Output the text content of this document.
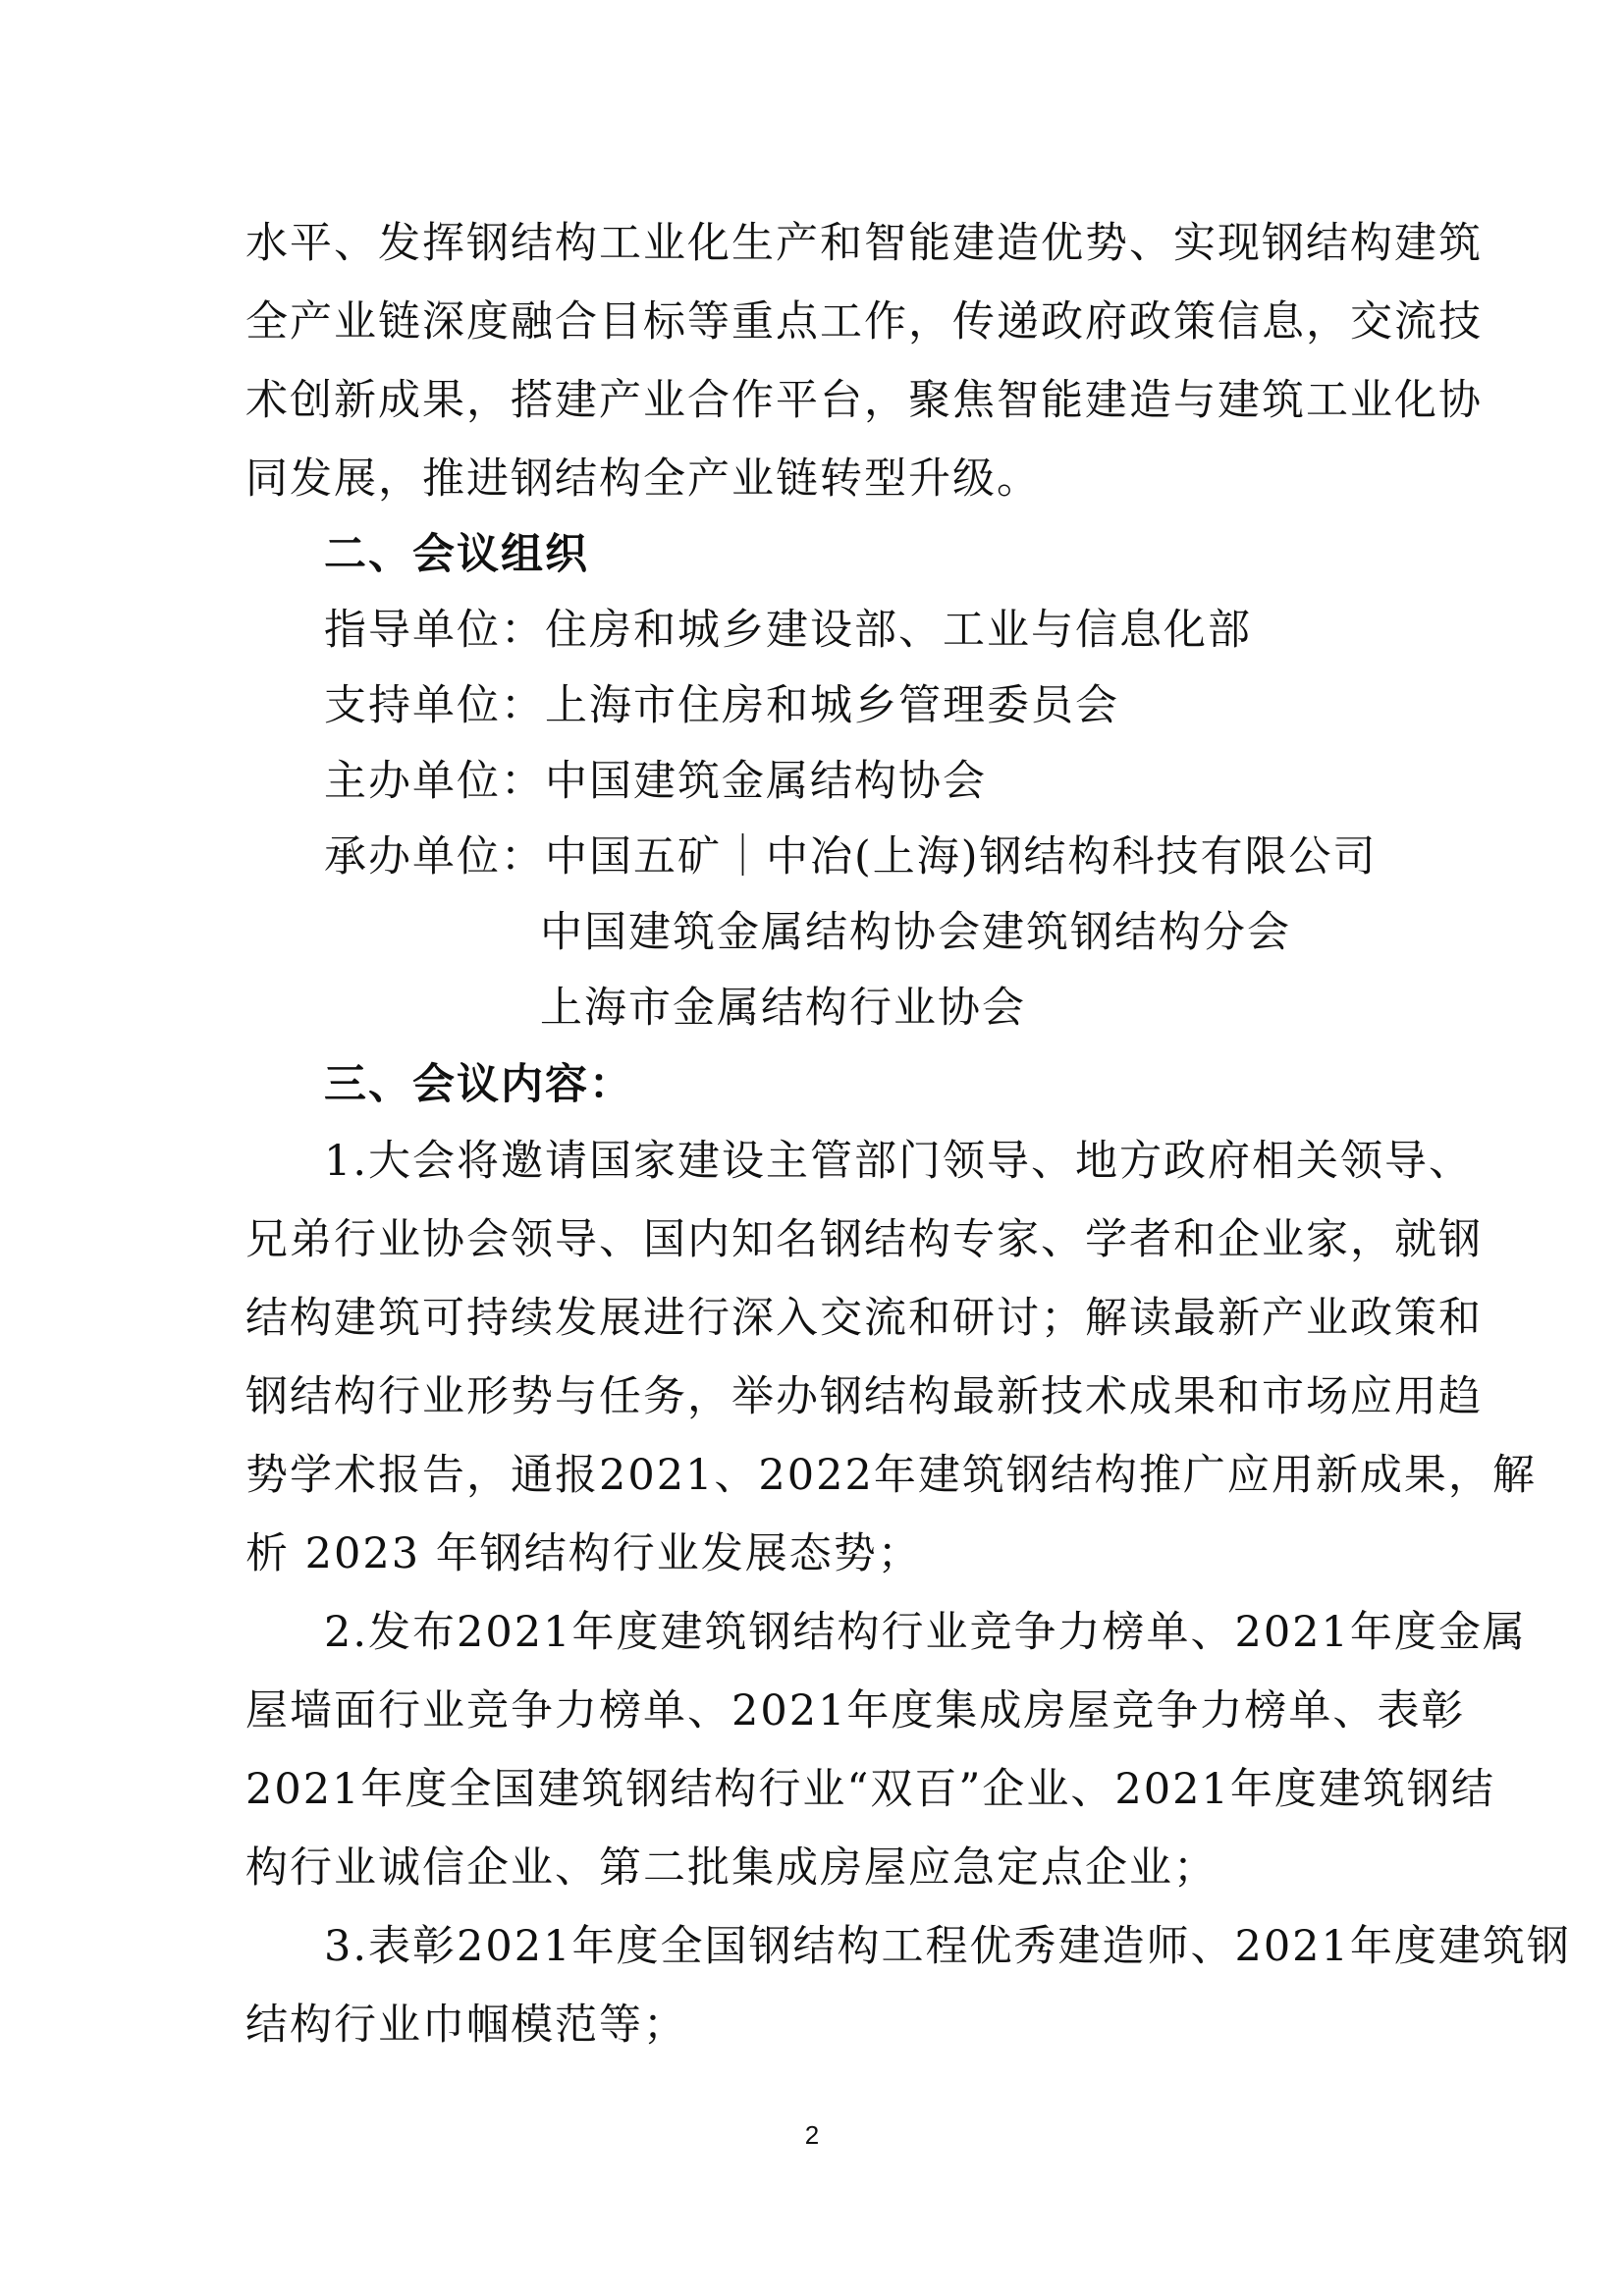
水平、发挥钢结构工业化生产和智能建造优势、实现钢结构建筑
全产业链深度融合目标等重点工作，传递政府政策信息，交流技
术创新成果，搭建产业合作平台，聚焦智能建造与建筑工业化协
同发展，推进钢结构全产业链转型升级。
二、会议组织
指导单位：住房和城乡建设部、工业与信息化部
支持单位：上海市住房和城乡管理委员会
主办单位：中国建筑金属结构协会
承办单位：中国五矿｜中冶(上海)钢结构科技有限公司
中国建筑金属结构协会建筑钢结构分会
上海市金属结构行业协会
三、会议内容：
1.大会将邀请国家建设主管部门领导、地方政府相关领导、
兄弟行业协会领导、国内知名钢结构专家、学者和企业家，就钢
结构建筑可持续发展进行深入交流和研讨；解读最新产业政策和
钢结构行业形势与任务，举办钢结构最新技术成果和市场应用趋
势学术报告，通报2021、2022年建筑钢结构推广应用新成果，解
析 2023 年钢结构行业发展态势；
2.发布2021年度建筑钢结构行业竞争力榜单、2021年度金属
屋墙面行业竞争力榜单、2021年度集成房屋竞争力榜单、表彰
2021年度全国建筑钢结构行业“双百”企业、2021年度建筑钢结
构行业诚信企业、第二批集成房屋应急定点企业；
3.表彰2021年度全国钢结构工程优秀建造师、2021年度建筑钢
结构行业巾帼模范等；
2
